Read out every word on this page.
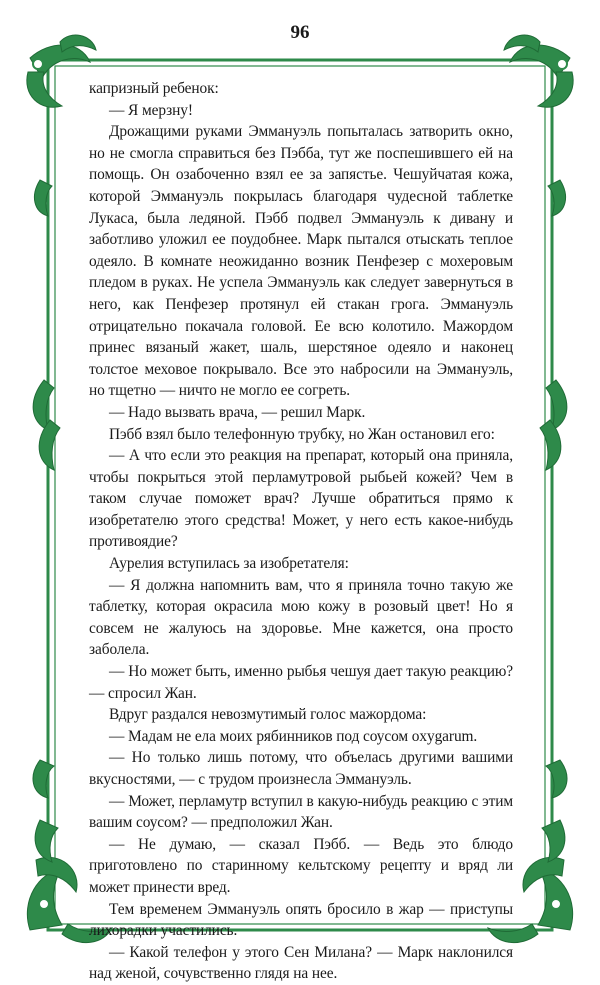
96

капризный ребенок:

— Я мерзну!

Дрожащими руками Эммануэль попыталась затворить окно, но не смогла справиться без Пэбба, тут же поспешившего ей на помощь. Он озабоченно взял ее за запястье. Чешуйчатая кожа, которой Эммануэль покрылась благодаря чудесной таблетке Лукаса, была ледяной. Пэбб подвел Эммануэль к дивану и заботливо уложил ее поудобнее. Марк пытался отыскать теплое одеяло. В комнате неожиданно возник Пенфезер с мохеровым пледом в руках. Не успела Эммануэль как следует завернуться в него, как Пенфезер протянул ей стакан грога. Эммануэль отрицательно покачала головой. Ее всю колотило. Мажордом принес вязаный жакет, шаль, шерстяное одеяло и наконец толстое меховое покрывало. Все это набросили на Эммануэль, но тщетно — ничто не могло ее согреть.

— Надо вызвать врача, — решил Марк.

Пэбб взял было телефонную трубку, но Жан остановил его:

— А что если это реакция на препарат, который она приняла, чтобы покрыться этой перламутровой рыбьей кожей? Чем в таком случае поможет врач? Лучше обратиться прямо к изобретателю этого средства! Может, у него есть какое-нибудь противоядие?

Аурелия вступилась за изобретателя:

— Я должна напомнить вам, что я приняла точно такую же таблетку, которая окрасила мою кожу в розовый цвет! Но я совсем не жалуюсь на здоровье. Мне кажется, она просто заболела.

— Но может быть, именно рыбья чешуя дает такую реакцию? — спросил Жан.

Вдруг раздался невозмутимый голос мажордома:

— Мадам не ела моих рябинников под соусом oxygarum.

— Но только лишь потому, что объелась другими вашими вкусностями, — с трудом произнесла Эммануэль.

— Может, перламутр вступил в какую-нибудь реакцию с этим вашим соусом? — предположил Жан.

— Не думаю, — сказал Пэбб. — Ведь это блюдо приготовлено по старинному кельтскому рецепту и вряд ли может принести вред.

Тем временем Эммануэль опять бросило в жар — приступы лихорадки участились.

— Какой телефон у этого Сен Милана? — Марк наклонился над женой, сочувственно глядя на нее.
